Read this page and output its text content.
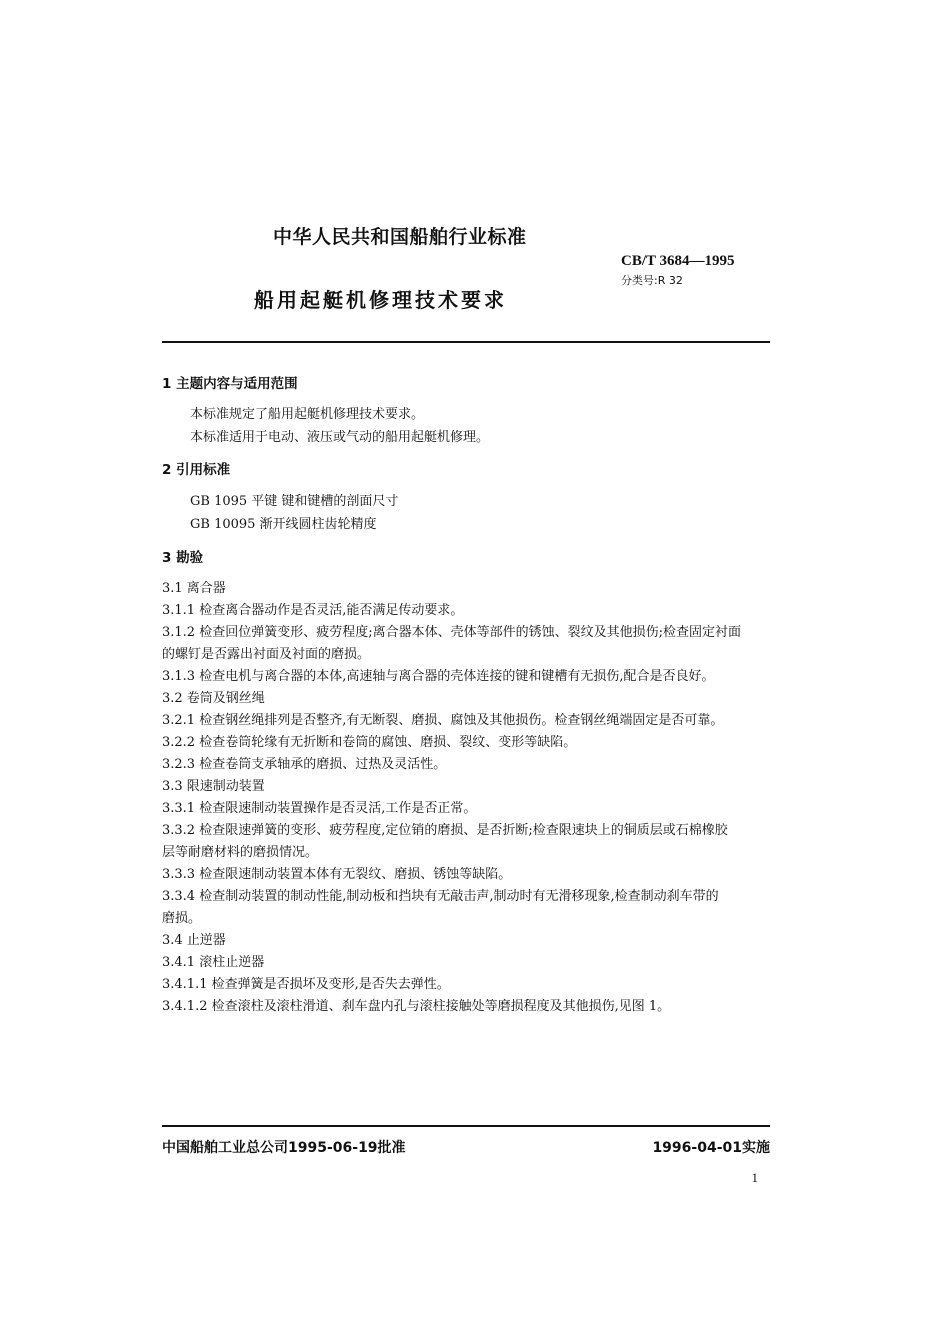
中华人民共和国船舶行业标准
CB/T 3684—1995
分类号:R 32
船用起艇机修理技术要求
1 主题内容与适用范围
本标准规定了船用起艇机修理技术要求。
本标准适用于电动、液压或气动的船用起艇机修理。
2 引用标准
GB 1095 平键 键和键槽的剖面尺寸
GB 10095 渐开线圆柱齿轮精度
3 勘验
3.1 离合器
3.1.1 检查离合器动作是否灵活,能否满足传动要求。
3.1.2 检查回位弹簧变形、疲劳程度;离合器本体、壳体等部件的锈蚀、裂纹及其他损伤;检查固定衬面
的螺钉是否露出衬面及衬面的磨损。
3.1.3 检查电机与离合器的本体,高速轴与离合器的壳体连接的键和键槽有无损伤,配合是否良好。
3.2 卷筒及钢丝绳
3.2.1 检查钢丝绳排列是否整齐,有无断裂、磨损、腐蚀及其他损伤。检查钢丝绳端固定是否可靠。
3.2.2 检查卷筒轮缘有无折断和卷筒的腐蚀、磨损、裂纹、变形等缺陷。
3.2.3 检查卷筒支承轴承的磨损、过热及灵活性。
3.3 限速制动装置
3.3.1 检查限速制动装置操作是否灵活,工作是否正常。
3.3.2 检查限速弹簧的变形、疲劳程度,定位销的磨损、是否折断;检查限速块上的铜质层或石棉橡胶
层等耐磨材料的磨损情况。
3.3.3 检查限速制动装置本体有无裂纹、磨损、锈蚀等缺陷。
3.3.4 检查制动装置的制动性能,制动板和挡块有无敲击声,制动时有无滑移现象,检查制动刹车带的
磨损。
3.4 止逆器
3.4.1 滚柱止逆器
3.4.1.1 检查弹簧是否损坏及变形,是否失去弹性。
3.4.1.2 检查滚柱及滚柱滑道、刹车盘内孔与滚柱接触处等磨损程度及其他损伤,见图 1。
中国船舶工业总公司1995-06-19批准	1996-04-01实施
1
